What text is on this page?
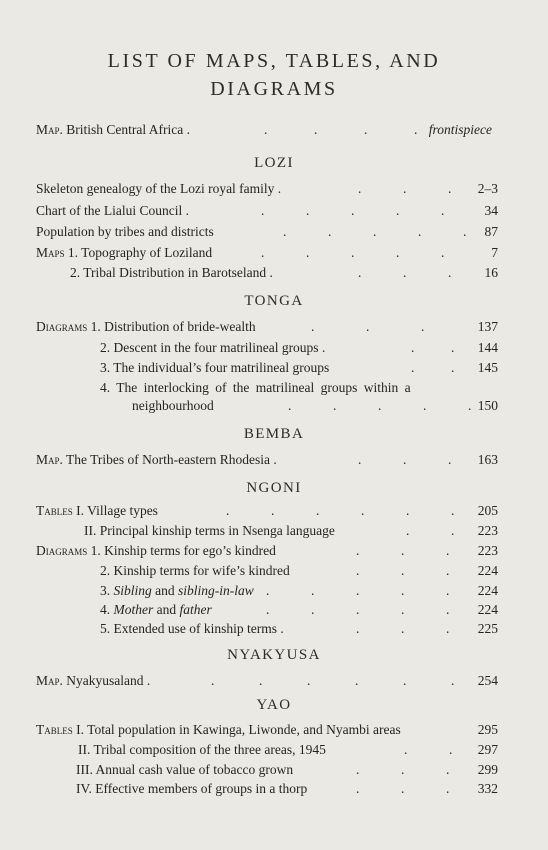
LIST OF MAPS, TABLES, AND
DIAGRAMS
Map. British Central Africa .	.	.	.	. frontispiece
LOZI
Skeleton genealogy of the Lozi royal family .	.	.	. 2–3
Chart of the Lialui Council .	.	.	.	.	.	34
Population by tribes and districts	.	.	.	.	. 87
Maps 1. Topography of Loziland	.	.	.	.	.	7
2. Tribal Distribution in Barotseland .	.	.	. 16
TONGA
Diagrams 1. Distribution of bride-wealth	.	.	.	137
2. Descent in the four matrilineal groups .	.	. 144
3. The individual’s four matrilineal groups	.	. 145
4. The interlocking of the matrilineal groups within a
neighbourhood	.	.	.	.	. 150
BEMBA
Map. The Tribes of North-eastern Rhodesia .	.	.	. 163
NGONI
Tables I. Village types	.	.	.	.	.	. 205
II. Principal kinship terms in Nsenga language	.	. 223
Diagrams 1. Kinship terms for ego’s kindred	.	.	. 223
2. Kinship terms for wife’s kindred	.	.	. 224
3. Sibling and sibling-in-law .	.	.	.	. 224
4. Mother and father	.	.	.	.	. 224
5. Extended use of kinship terms .	.	.	. 225
NYAKYUSA
Map. Nyakyusaland .	.	.	.	.	.	. 254
YAO
Tables I. Total population in Kawinga, Liwonde, and Nyambi areas	295
II. Tribal composition of the three areas, 1945	.	. 297
III. Annual cash value of tobacco grown	.	.	. 299
IV. Effective members of groups in a thorp	.	.	. 332
